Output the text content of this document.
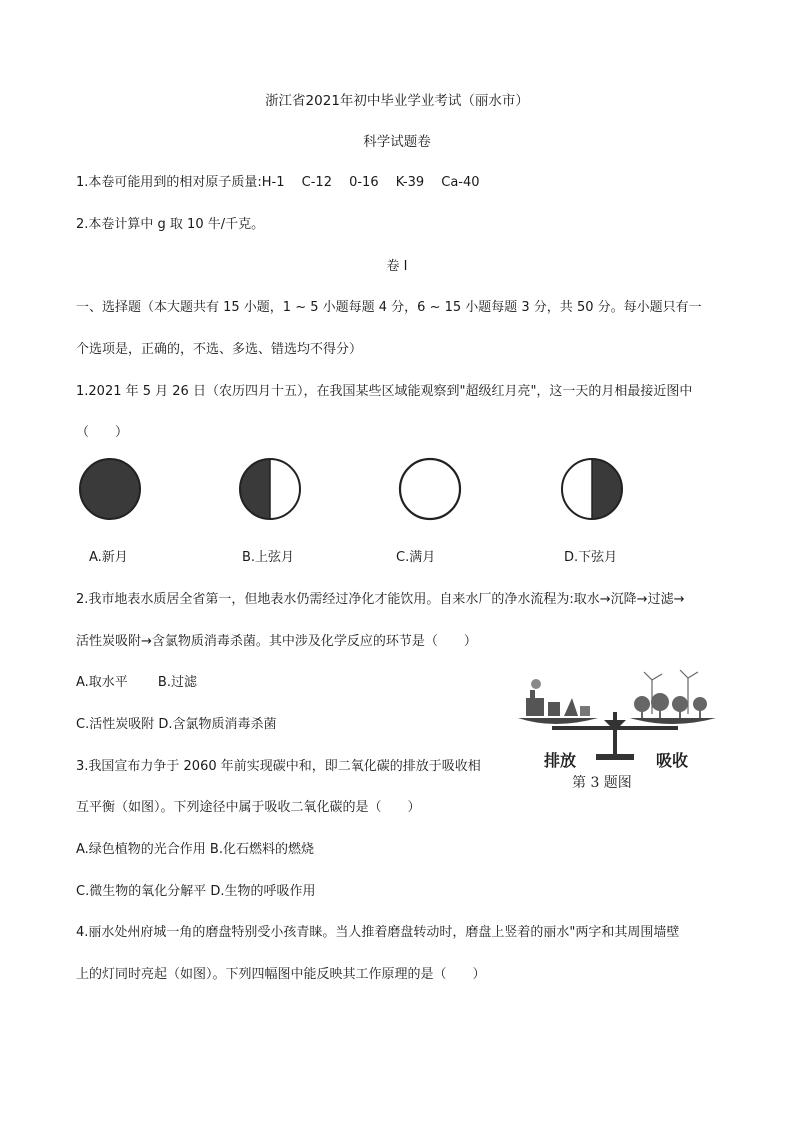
浙江省2021年初中毕业学业考试（丽水市）
科学试题卷
1.本卷可能用到的相对原子质量:H-1　 C-12　 0-16　 K-39　 Ca-40
2.本卷计算中 g 取 10 牛/千克。
卷 I
一、选择题（本大题共有 15 小题，1 ~ 5 小题每题 4 分，6 ~ 15 小题每题 3 分，共 50 分。每小题只有一
个选项是，正确的，不选、多选、错选均不得分）
1.2021 年 5 月 26 日（农历四月十五），在我国某些区域能观察到"超级红月亮"，这一天的月相最接近图中
（　　）
A.新月	B.上弦月	C.满月	D.下弦月
2.我市地表水质居全省第一，但地表水仍需经过净化才能饮用。自来水厂的净水流程为:取水→沉降→过滤→
活性炭吸附→含氯物质消毒杀菌。其中涉及化学反应的环节是（　　）
A.取水平　　 B.过滤
C.活性炭吸附 D.含氯物质消毒杀菌
3.我国宣布力争于 2060 年前实现碳中和，即二氧化碳的排放于吸收相
互平衡（如图）。下列途径中属于吸收二氧化碳的是（　　）
A.绿色植物的光合作用 B.化石燃料的燃烧
C.微生物的氧化分解平 D.生物的呼吸作用
排放	吸收
第 3 题图
4.丽水处州府城一角的磨盘特别受小孩青睐。当人推着磨盘转动时，磨盘上竖着的丽水"两字和其周围墙壁
上的灯同时亮起（如图）。下列四幅图中能反映其工作原理的是（　　）
